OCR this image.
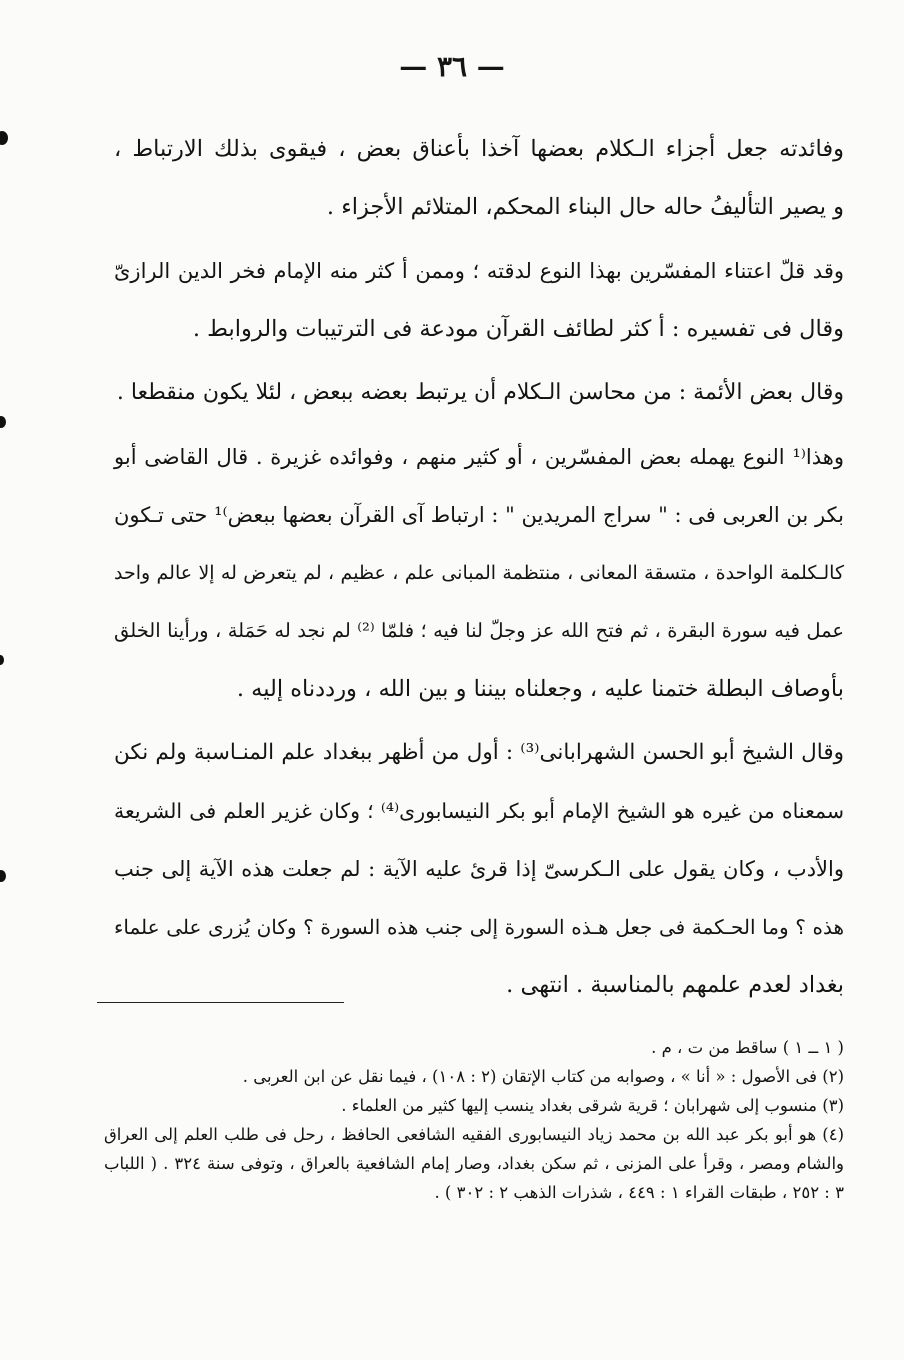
— ٣٦ —
وفائدته جعل أجزاء الـكلام بعضها آخذا بأعناق بعض ، فيقوى بذلك الارتباط ،
و يصير التأليفُ حاله حال البناء المحكم، المتلائم الأجزاء .
وقد قلّ اعتناء المفسّرين بهذا النوع لدقته ؛ وممن أ كثر منه الإمام فخر الدين الرازىّ
وقال فى تفسيره : أ كثر لطائف القرآن مودعة فى الترتيبات والروابط .
وقال بعض الأئمة : من محاسن الـكلام أن يرتبط بعضه ببعض ، لئلا يكون منقطعا .
وهذا⁽¹ النوع يهمله بعض المفسّرين ، أو كثير منهم ، وفوائده غزيرة . قال القاضى أبو
بكر بن العربى فى : " سراج المريدين " : ارتباط آى القرآن بعضها ببعض⁾¹ حتى تـكون
كالـكلمة الواحدة ، متسقة المعانى ، منتظمة المبانى علم ، عظيم ، لم يتعرض له إلا عالم واحد
عمل فيه سورة البقرة ، ثم فتح الله عز وجلّ لنا فيه ؛ فلمّا ⁽²⁾ لم نجد له حَمَلة ، ورأينا الخلق
بأوصاف البطلة ختمنا عليه ، وجعلناه بيننا و بين الله ، ورددناه إليه .
وقال الشيخ أبو الحسن الشهرابانى⁽³⁾ : أول من أظهر ببغداد علم المنـاسبة ولم نكن
سمعناه من غيره هو الشيخ الإمام أبو بكر النيسابورى⁽⁴⁾ ؛ وكان غزير العلم فى الشريعة
والأدب ، وكان يقول على الـكرسىّ إذا قرئ عليه الآية : لم جعلت هذه الآية إلى جنب
هذه ؟ وما الحـكمة فى جعل هـذه السورة إلى جنب هذه السورة ؟ وكان يُزرى على علماء
بغداد لعدم علمهم بالمناسبة . انتهى .
( ١ ــ ١ ) ساقط من ت ، م .
(٢) فى الأصول : « أنا » ، وصوابه من كتاب الإتقان (٢ : ١٠٨) ، فيما نقل عن ابن العربى .
(٣) منسوب إلى شهرابان ؛ قرية شرقى بغداد ينسب إليها كثير من العلماء .
(٤) هو أبو بكر عبد الله بن محمد زياد النيسابورى الفقيه الشافعى الحافظ ، رحل فى طلب العلم إلى العراق
والشام ومصر ، وقرأ على المزنى ، ثم سكن بغداد، وصار إمام الشافعية بالعراق ، وتوفى سنة ٣٢٤ . ( اللباب
٣ : ٢٥٢ ، طبقات القراء ١ : ٤٤٩ ، شذرات الذهب ٢ : ٣٠٢ ) .
